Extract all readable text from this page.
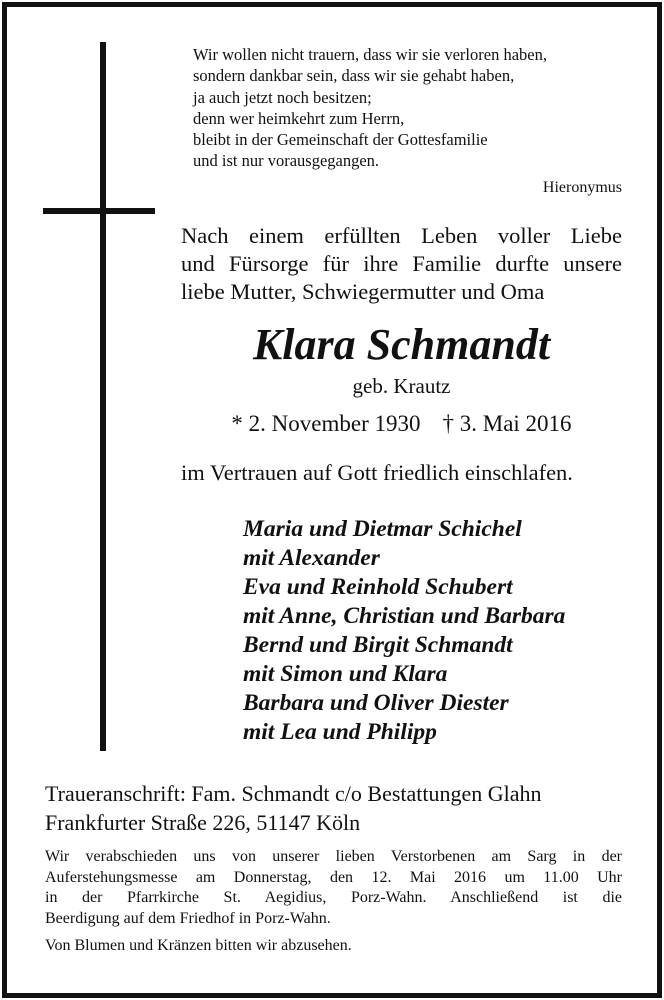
Wir wollen nicht trauern, dass wir sie verloren haben,
sondern dankbar sein, dass wir sie gehabt haben,
ja auch jetzt noch besitzen;
denn wer heimkehrt zum Herrn,
bleibt in der Gemeinschaft der Gottesfamilie
und ist nur vorausgegangen.
Hieronymus
Nach einem erfüllten Leben voller Liebe
und Fürsorge für ihre Familie durfte unsere
liebe Mutter, Schwiegermutter und Oma
Klara Schmandt
geb. Krautz
* 2. November 1930 † 3. Mai 2016
im Vertrauen auf Gott friedlich einschlafen.
Maria und Dietmar Schichel
mit Alexander
Eva und Reinhold Schubert
mit Anne, Christian und Barbara
Bernd und Birgit Schmandt
mit Simon und Klara
Barbara und Oliver Diester
mit Lea und Philipp
Traueranschrift: Fam. Schmandt c/o Bestattungen Glahn
Frankfurter Straße 226, 51147 Köln
Wir verabschieden uns von unserer lieben Verstorbenen am Sarg in der
Auferstehungsmesse am Donnerstag, den 12. Mai 2016 um 11.00 Uhr
in der Pfarrkirche St. Aegidius, Porz-Wahn. Anschließend ist die
Beerdigung auf dem Friedhof in Porz-Wahn.
Von Blumen und Kränzen bitten wir abzusehen.
